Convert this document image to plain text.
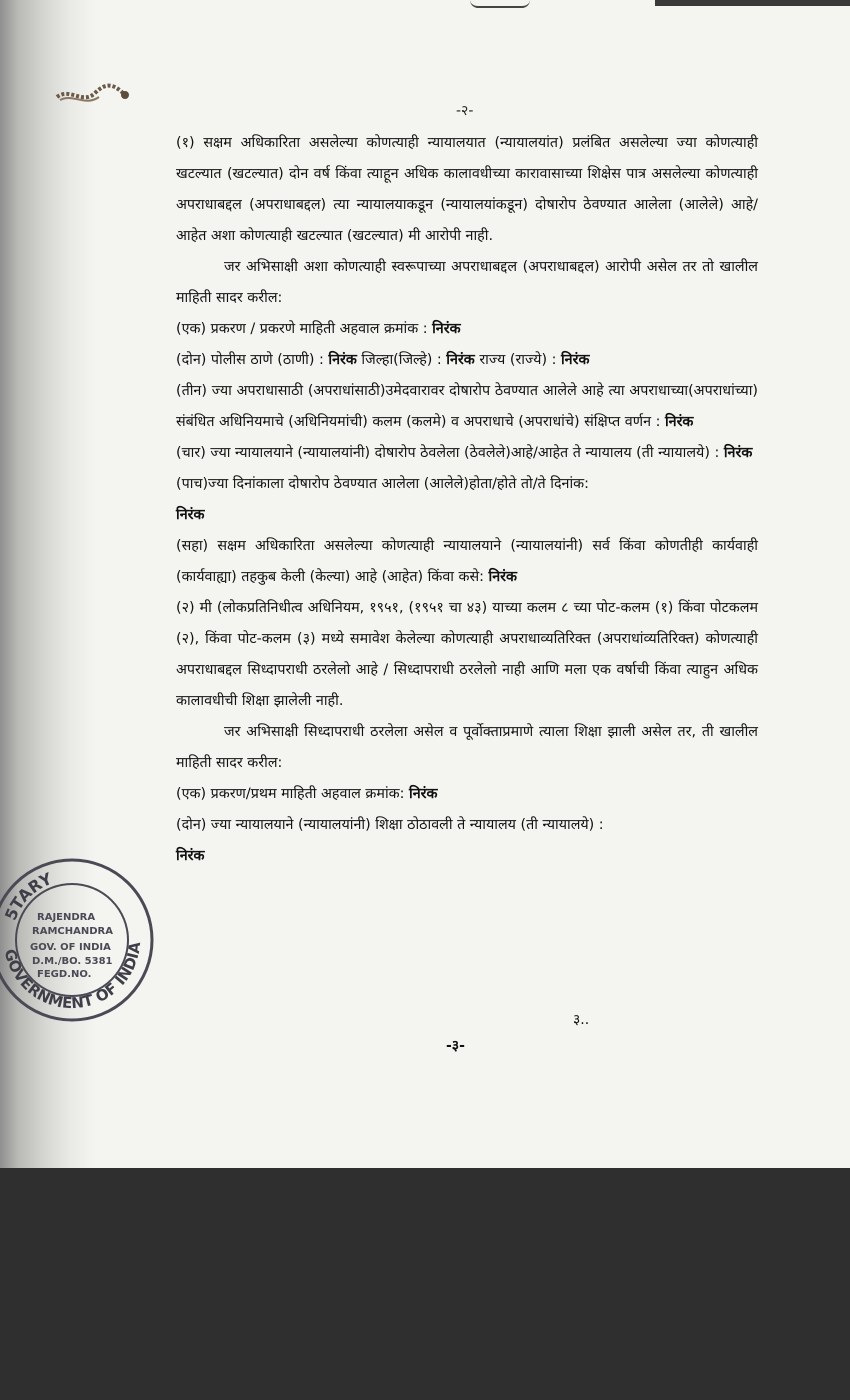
-२-

(१) सक्षम अधिकारिता असलेल्या कोणत्याही न्यायालयात (न्यायालयांत) प्रलंबित असलेल्या ज्या कोणत्याही खटल्यात (खटल्यात) दोन वर्ष किंवा त्याहून अधिक कालावधीच्या कारावासाच्या शिक्षेस पात्र असलेल्या कोणत्याही अपराधाबद्दल (अपराधाबद्दल) त्या न्यायालयाकडून (न्यायालयांकडून) दोषारोप ठेवण्यात आलेला (आलेले) आहे/आहेत अशा कोणत्याही खटल्यात (खटल्यात) मी आरोपी नाही.

जर अभिसाक्षी अशा कोणत्याही स्वरूपाच्या अपराधाबद्दल (अपराधाबद्दल) आरोपी असेल तर तो खालील माहिती सादर करील:

(एक) प्रकरण / प्रकरणे माहिती अहवाल क्रमांक : निरंक

(दोन) पोलीस ठाणे (ठाणी) : निरंक जिल्हा(जिल्हे) : निरंक राज्य (राज्ये) : निरंक

(तीन) ज्या अपराधासाठी (अपराधांसाठी)उमेदवारावर दोषारोप ठेवण्यात आलेले आहे त्या अपराधाच्या(अपराधांच्या) संबंधित अधिनियमाचे (अधिनियमांची) कलम (कलमे) व अपराधाचे (अपराधांचे) संक्षिप्त वर्णन : निरंक

(चार) ज्या न्यायालयाने (न्यायालयांनी) दोषारोप ठेवलेला (ठेवलेले)आहे/आहेत ते न्यायालय (ती न्यायालये) : निरंक

(पाच)ज्या दिनांकाला दोषारोप ठेवण्यात आलेला (आलेले)होता/होते तो/ते दिनांक:
निरंक

(सहा) सक्षम अधिकारिता असलेल्या कोणत्याही न्यायालयाने (न्यायालयांनी) सर्व किंवा कोणतीही कार्यवाही (कार्यवाह्या) तहकुब केली (केल्या) आहे (आहेत) किंवा कसे: निरंक

(२) मी (लोकप्रतिनिधीत्व अधिनियम, १९५१, (१९५१ चा ४३) याच्या कलम ८ च्या पोट-कलम (१) किंवा पोटकलम (२), किंवा पोट-कलम (३) मध्ये समावेश केलेल्या कोणत्याही अपराधाव्यतिरिक्त (अपराधांव्यतिरिक्त) कोणत्याही अपराधाबद्दल सिध्दापराधी ठरलेलो आहे / सिध्दापराधी ठरलेलो नाही आणि मला एक वर्षाची किंवा त्याहुन अधिक कालावधीची शिक्षा झालेली नाही.

जर अभिसाक्षी सिध्दापराधी ठरलेला असेल व पूर्वोक्ताप्रमाणे त्याला शिक्षा झाली असेल तर, ती खालील माहिती सादर करील:

(एक) प्रकरण/प्रथम माहिती अहवाल क्रमांक: निरंक

(दोन) ज्या न्यायालयाने (न्यायालयांनी) शिक्षा ठोठावली ते न्यायालय (ती न्यायालये) :
निरंक

३..
-३-
5TARY
GOVERNMENT OF INDIA
RAJENDRA
RAMCHANDRA
GOV. OF INDIA
D.M./BO. 5381
FEGD.NO.
